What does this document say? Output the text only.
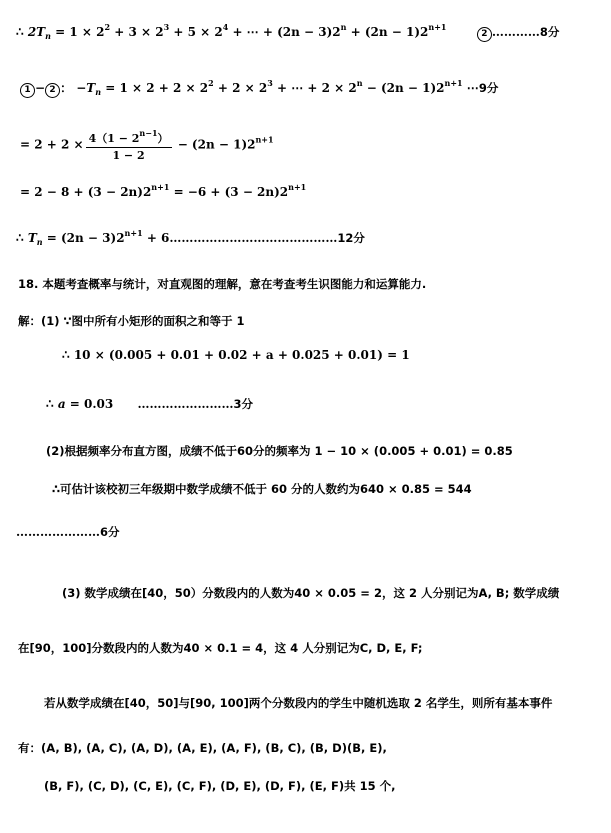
∴ $2T_n = 1 \times 2^2 + 3 \times 2^3 + 5 \times 2^4$ + ⋯ + $(2n - 3)2^n + (2n - 1)2^{n+1}$  2 …………8分
1 − 2 ： $-T_n = 1 \times 2 + 2 \times 2^2 + 2 \times 2^3$ + ⋯ + $2 \times 2^n - (2n - 1)2^{n+1}$ ⋯9分
= $2 + 2 \times \frac{4(1 - 2^{n-1})}{1 - 2} - (2n - 1)2^{n+1}$
= $2 - 8 + (3 - 2n)2^{n+1} = -6 + (3 - 2n)2^{n+1}$
∴ $T_n = (2n - 3)2^{n+1}$ + 6……………………………………12分
18. 本题考查概率与统计，对直观图的理解，意在考查考生识图能力和运算能力.
解：(1) ∵图中所有小矩形的面积之和等于 1
∴ 10 × (0.005 + 0.01 + 0.02 + a + 0.025 + 0.01) = 1
∴ a = 0.03 ……………………3分
(2)根据频率分布直方图，成绩不低于60分的频率为 1 − 10 × (0.005 + 0.01) = 0.85
∴可估计该校初三年级期中数学成绩不低于 60 分的人数约为640 × 0.85 = 544
…………………6分
(3) 数学成绩在[40，50）分数段内的人数为40 × 0.05 = 2，这 2 人分别记为A, B; 数学成绩
在[90，100]分数段内的人数为40 × 0.1 = 4，这 4 人分别记为C, D, E, F;
若从数学成绩在[40，50]与[90, 100]两个分数段内的学生中随机选取 2 名学生，则所有基本事件
有：(A, B), (A, C), (A, D), (A, E), (A, F), (B, C), (B, D)(B, E),
(B, F), (C, D), (C, E), (C, F), (D, E), (D, F), (E, F)共 15 个,
